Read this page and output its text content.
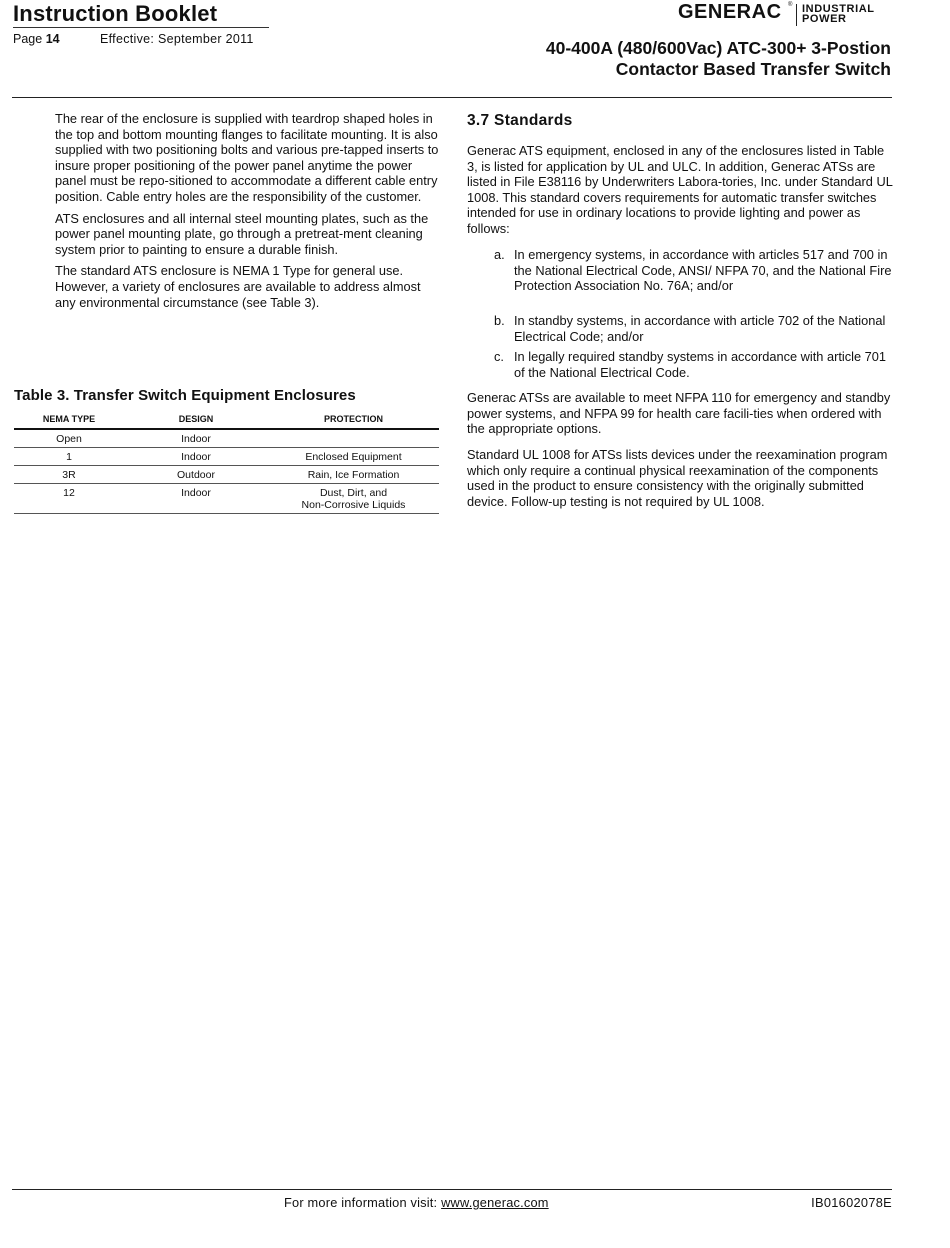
Instruction Booklet
Page 14	Effective: September 2011
GENERAC ® INDUSTRIAL
POWER
40-400A (480/600Vac) ATC-300+ 3-Postion
Contactor Based Transfer Switch

The rear of the enclosure is supplied with teardrop shaped holes in the top and bottom mounting flanges to facilitate mounting. It is also supplied with two positioning bolts and various pre-tapped inserts to insure proper positioning of the power panel anytime the power panel must be repo-sitioned to accommodate a different cable entry position. Cable entry holes are the responsibility of the customer.

ATS enclosures and all internal steel mounting plates, such as the power panel mounting plate, go through a pretreat-ment cleaning system prior to painting to ensure a durable finish.

The standard ATS enclosure is NEMA 1 Type for general use. However, a variety of enclosures are available to address almost any environmental circumstance (see Table 3).

Table 3. Transfer Switch Equipment Enclosures
NEMA TYPE	DESIGN	PROTECTION
Open	Indoor	
1	Indoor	Enclosed Equipment
3R	Outdoor	Rain, Ice Formation
12	Indoor	Dust, Dirt, and
Non-Corrosive Liquids
3.7 Standards

Generac ATS equipment, enclosed in any of the enclosures listed in Table 3, is listed for application by UL and ULC. In addition, Generac ATSs are listed in File E38116 by Underwriters Labora-tories, Inc. under Standard UL 1008. This standard covers requirements for automatic transfer switches intended for use in ordinary locations to provide lighting and power as follows:

a. In emergency systems, in accordance with articles 517 and 700 in the National Electrical Code, ANSI/ NFPA 70, and the National Fire Protection Association No. 76A; and/or
b. In standby systems, in accordance with article 702 of the National Electrical Code; and/or
c. In legally required standby systems in accordance with article 701 of the National Electrical Code.

Generac ATSs are available to meet NFPA 110 for emergency and standby power systems, and NFPA 99 for health care facili-ties when ordered with the appropriate options.

Standard UL 1008 for ATSs lists devices under the reexamination program which only require a continual physical reexamination of the components used in the product to ensure consistency with the originally submitted device. Follow-up testing is not required by UL 1008.

For more information visit: www.generac.com	IB01602078E
